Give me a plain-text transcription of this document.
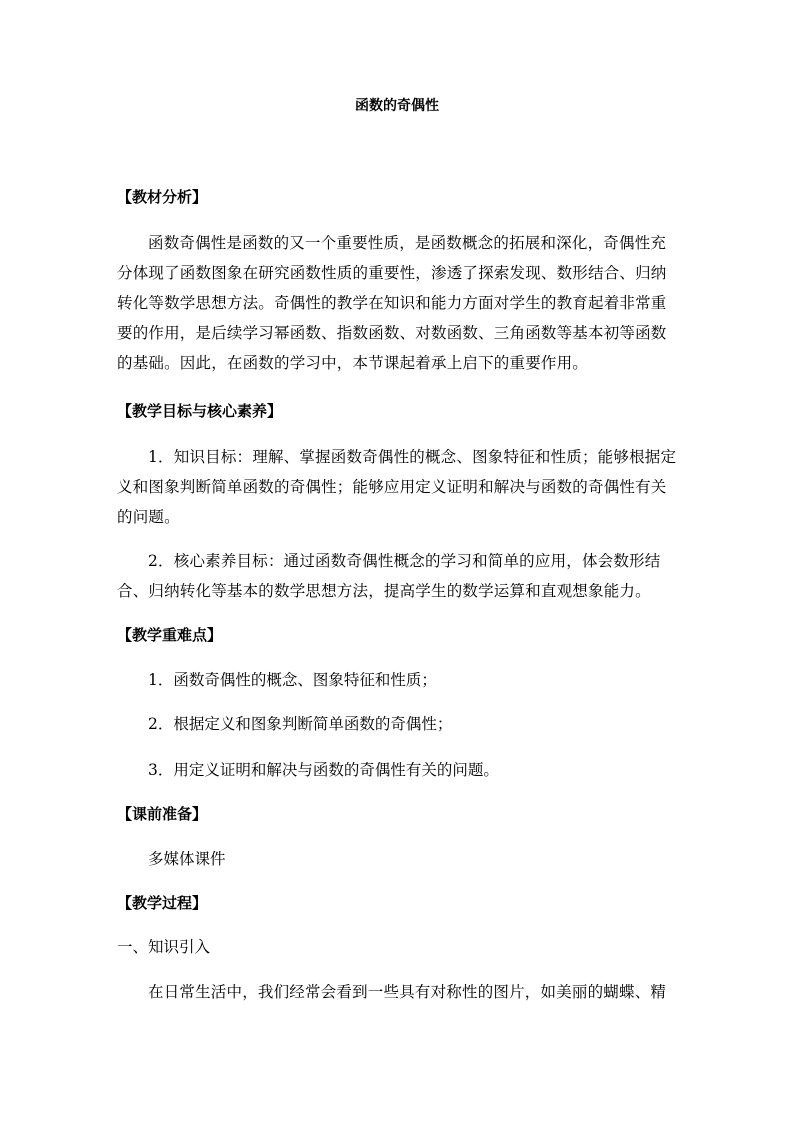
函数的奇偶性
【教材分析】

函数奇偶性是函数的又一个重要性质，是函数概念的拓展和深化，奇偶性充分体现了函数图象在研究函数性质的重要性，渗透了探索发现、数形结合、归纳转化等数学思想方法。奇偶性的教学在知识和能力方面对学生的教育起着非常重要的作用，是后续学习幂函数、指数函数、对数函数、三角函数等基本初等函数的基础。因此，在函数的学习中，本节课起着承上启下的重要作用。

【教学目标与核心素养】

1．知识目标：理解、掌握函数奇偶性的概念、图象特征和性质；能够根据定义和图象判断简单函数的奇偶性；能够应用定义证明和解决与函数的奇偶性有关的问题。

2．核心素养目标：通过函数奇偶性概念的学习和简单的应用，体会数形结合、归纳转化等基本的数学思想方法，提高学生的数学运算和直观想象能力。

【教学重难点】

1．函数奇偶性的概念、图象特征和性质；

2．根据定义和图象判断简单函数的奇偶性；

3．用定义证明和解决与函数的奇偶性有关的问题。

【课前准备】

多媒体课件

【教学过程】

一、知识引入

在日常生活中，我们经常会看到一些具有对称性的图片，如美丽的蝴蝶、精
